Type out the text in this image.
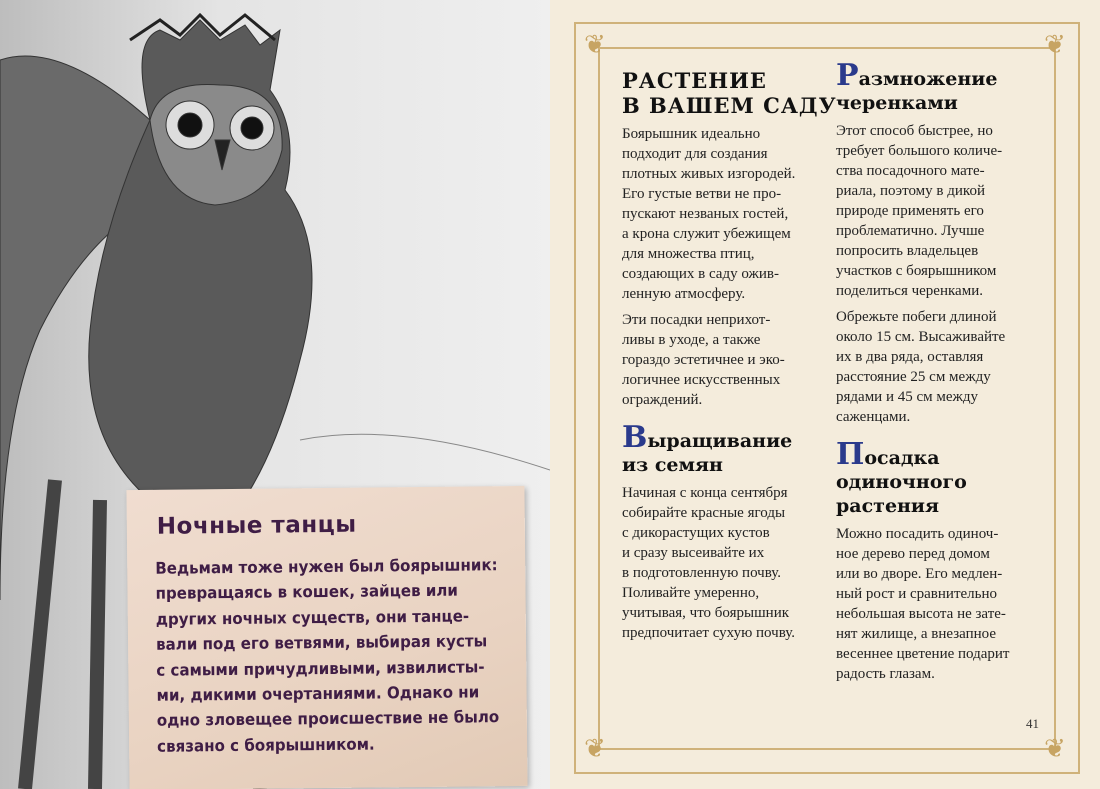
Ночные танцы

Ведьмам тоже нужен был боярышник:
превращаясь в кошек, зайцев или
других ночных существ, они танце-
вали под его ветвями, выбирая кусты
с самыми причудливыми, извилисты-
ми, дикими очертаниями. Однако ни
одно зловещее происшествие не было
связано с боярышником.

❦	❦
❦	❦
РАСТЕНИЕ
В ВАШЕМ САДУ

Боярышник идеально
подходит для создания
плотных живых изгородей.
Его густые ветви не про-
пускают незваных гостей,
а крона служит убежищем
для множества птиц,
создающих в саду ожив-
ленную атмосферу.

Эти посадки неприхот-
ливы в уходе, а также
гораздо эстетичнее и эко-
логичнее искусственных
ограждений.

Выращивание
из семян

Начиная с конца сентября
собирайте красные ягоды
с дикорастущих кустов
и сразу высеивайте их
в подготовленную почву.
Поливайте умеренно,
учитывая, что боярышник
предпочитает сухую почву.

Размножение
черенками

Этот способ быстрее, но
требует большого количе-
ства посадочного мате-
риала, поэтому в дикой
природе применять его
проблематично. Лучше
попросить владельцев
участков с боярышником
поделиться черенками.

Обрежьте побеги длиной
около 15 см. Высаживайте
их в два ряда, оставляя
расстояние 25 см между
рядами и 45 см между
саженцами.

Посадка
одиночного
растения

Можно посадить одиноч-
ное дерево перед домом
или во дворе. Его медлен-
ный рост и сравнительно
небольшая высота не зате-
нят жилище, а внезапное
весеннее цветение подарит
радость глазам.

41
